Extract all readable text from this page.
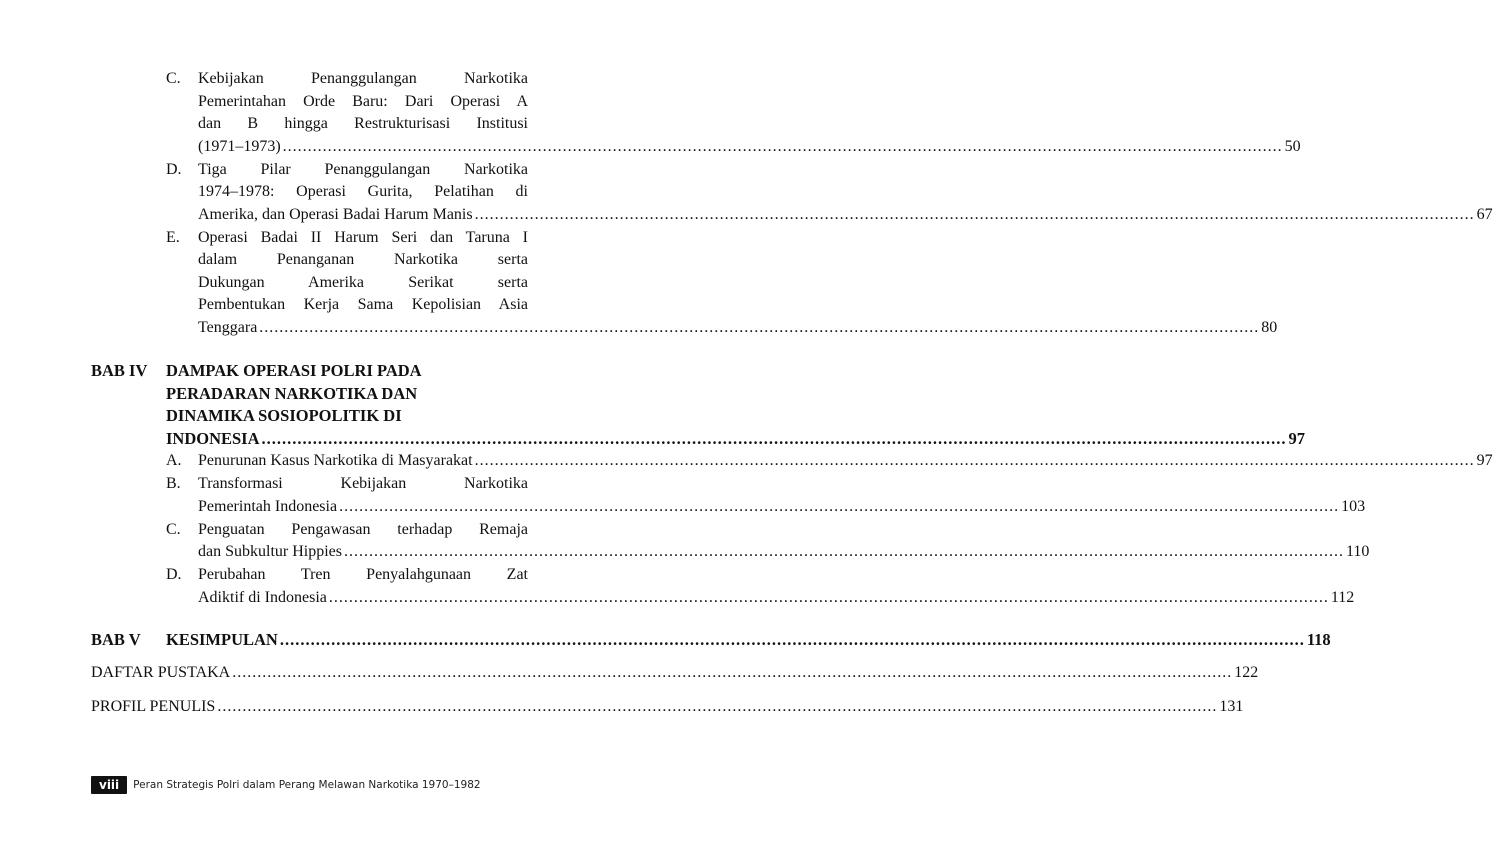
C. Kebijakan Penanggulangan Narkotika
Pemerintahan Orde Baru: Dari Operasi A
dan B hingga Restrukturisasi Institusi
(1971–1973) ........................................................................................................................................................................................................ 50
D. Tiga Pilar Penanggulangan Narkotika
1974–1978: Operasi Gurita, Pelatihan di
Amerika, dan Operasi Badai Harum Manis ........................................................................................................................................................................................................ 67
E. Operasi Badai II Harum Seri dan Taruna I
dalam Penanganan Narkotika serta
Dukungan Amerika Serikat serta
Pembentukan Kerja Sama Kepolisian Asia
Tenggara ........................................................................................................................................................................................................ 80
BAB IV DAMPAK OPERASI POLRI PADA
PERADARAN NARKOTIKA DAN
DINAMIKA SOSIOPOLITIK DI
INDONESIA ........................................................................................................................................................................................................ 97
A. Penurunan Kasus Narkotika di Masyarakat ........................................................................................................................................................................................................ 97
B. Transformasi Kebijakan Narkotika
Pemerintah Indonesia ........................................................................................................................................................................................................ 103
C. Penguatan Pengawasan terhadap Remaja
dan Subkultur Hippies ........................................................................................................................................................................................................ 110
D. Perubahan Tren Penyalahgunaan Zat
Adiktif di Indonesia ........................................................................................................................................................................................................ 112
BAB V KESIMPULAN ........................................................................................................................................................................................................ 118
DAFTAR PUSTAKA ........................................................................................................................................................................................................ 122
PROFIL PENULIS ........................................................................................................................................................................................................ 131
viii	Peran Strategis Polri dalam Perang Melawan Narkotika 1970–1982
